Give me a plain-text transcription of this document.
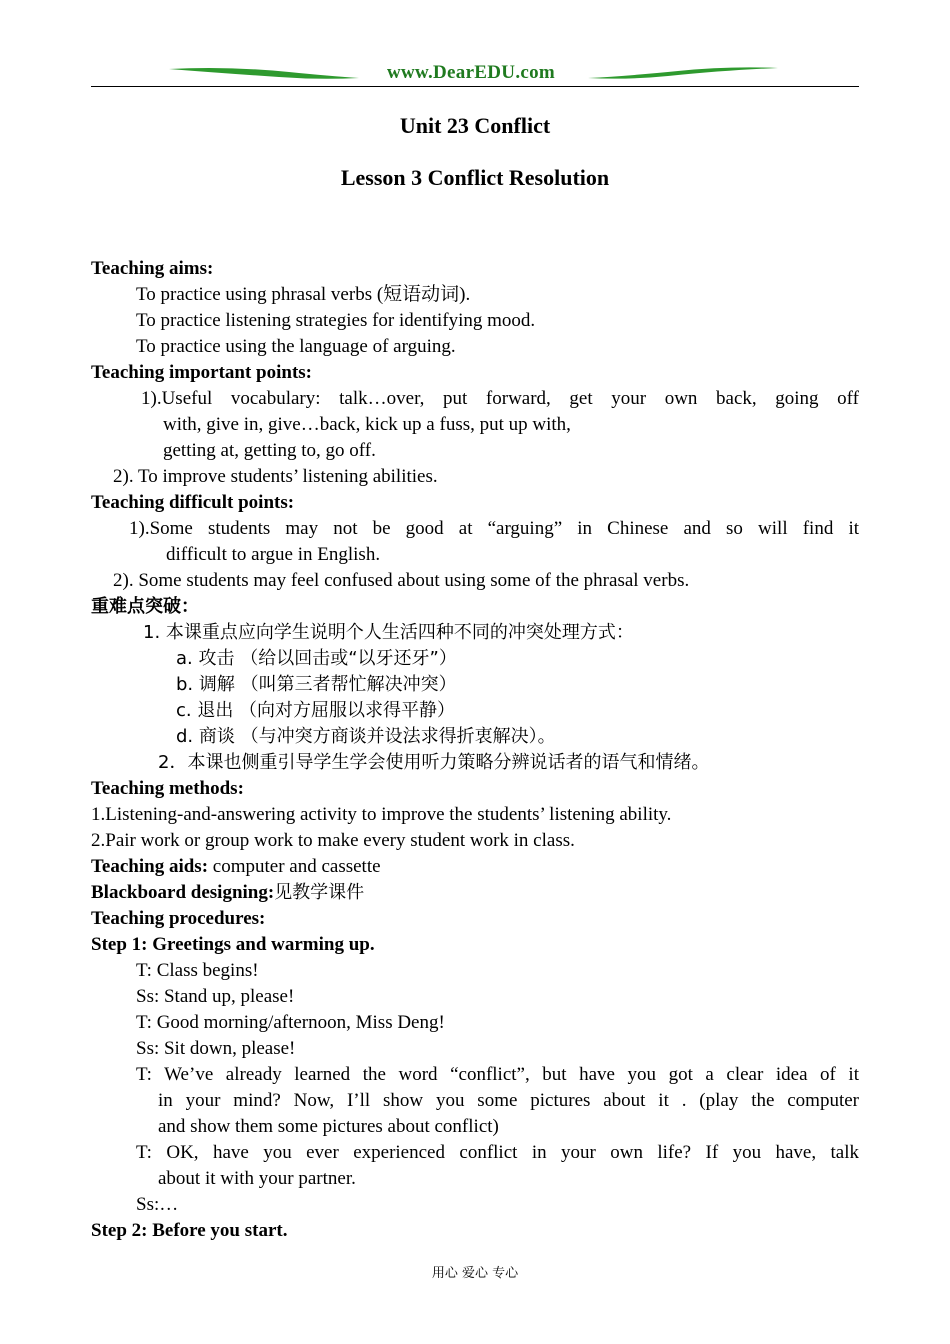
www.DearEDU.com
Unit 23 Conflict
Lesson 3 Conflict Resolution
Teaching aims:
To practice using phrasal verbs (短语动词).
To practice listening strategies for identifying mood.
To practice using the language of arguing.
Teaching important points:
1).Useful vocabulary: talk…over, put forward, get your own back, going off
with, give in, give…back, kick up a fuss, put up with,
getting at, getting to, go off.
2). To improve students’ listening abilities.
Teaching difficult points:
1).Some students may not be good at “arguing” in Chinese and so will find it
difficult to argue in English.
2). Some students may feel confused about using some of the phrasal verbs.
重难点突破：
1. 本课重点应向学生说明个人生活四种不同的冲突处理方式：
a. 攻击 （给以回击或“以牙还牙”）
b. 调解 （叫第三者帮忙解决冲突）
c. 退出 （向对方屈服以求得平静）
d. 商谈 （与冲突方商谈并设法求得折衷解决）。
2．本课也侧重引导学生学会使用听力策略分辨说话者的语气和情绪。
Teaching methods:
1.Listening-and-answering activity to improve the students’ listening ability.
2.Pair work or group work to make every student work in class.
Teaching aids: computer and cassette
Blackboard designing:见教学课件
Teaching procedures:
Step 1: Greetings and warming up.
T: Class begins!
Ss: Stand up, please!
T: Good morning/afternoon, Miss Deng!
Ss: Sit down, please!
T: We’ve already learned the word “conflict”, but have you got a clear idea of it
in your mind? Now, I’ll show you some pictures about it . (play the computer
and show them some pictures about conflict)
T: OK, have you ever experienced conflict in your own life? If you have, talk
about it with your partner.
Ss:…
Step 2: Before you start.
用心 爱心 专心
